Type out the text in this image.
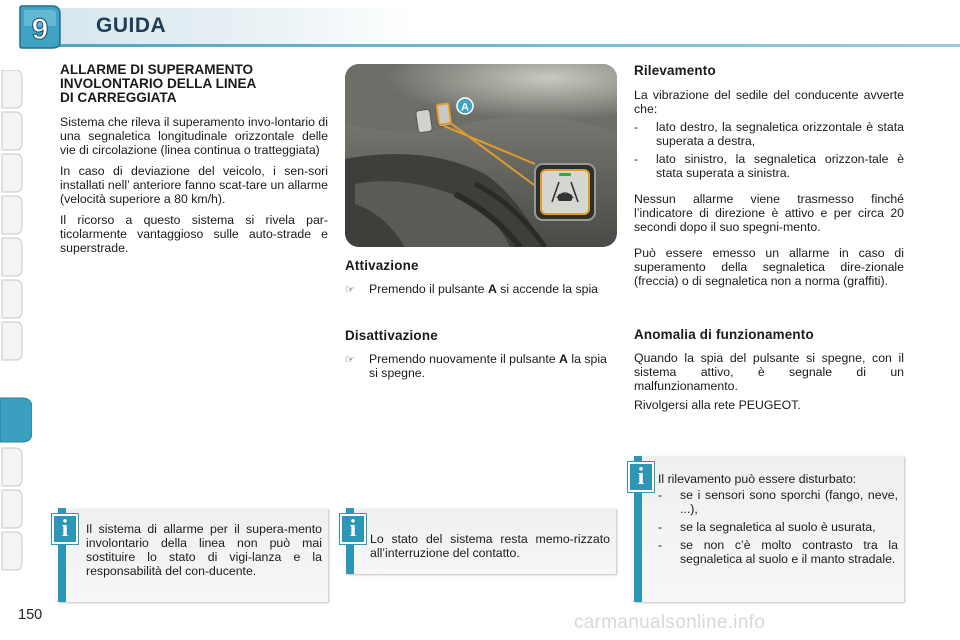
9 GUIDA
ALLARME DI SUPERAMENTO
INVOLONTARIO DELLA LINEA
DI CARREGGIATA

Sistema che rileva il superamento invo-lontario di una segnaletica longitudinale orizzontale delle vie di circolazione (linea continua o tratteggiata)

In caso di deviazione del veicolo, i sen-sori installati nell’ anteriore fanno scat-tare un allarme (velocità superiore a 80 km/h).

Il ricorso a questo sistema si rivela par-ticolarmente vantaggioso sulle auto-strade e superstrade.

A
Attivazione
☞	Premendo il pulsante A si accende la spia
Disattivazione
☞	Premendo nuovamente il pulsante A la spia si spegne.
Rilevamento

La vibrazione del sedile del conducente avverte che:

-	lato destro, la segnaletica orizzontale è stata superata a destra,
-	lato sinistro, la segnaletica orizzon-tale è stata superata a sinistra.

Nessun allarme viene trasmesso finché l’indicatore di direzione è attivo e per circa 20 secondi dopo il suo spegni-mento.

Può essere emesso un allarme in caso di superamento della segnaletica dire-zionale (freccia) o di segnaletica non a norma (graffiti).

Anomalia di funzionamento

Quando la spia del pulsante si spegne, con il sistema attivo, è segnale di un malfunzionamento.

Rivolgersi alla rete PEUGEOT.

Il sistema di allarme per il supera-mento involontario della linea non può mai sostituire lo stato di vigi-lanza e la responsabilità del con-ducente.

i	Lo stato del sistema resta memo-rizzato all’interruzione del contatto.

i

Il rilevamento può essere disturbato:

-	se i sensori sono sporchi (fango, neve, ...),
-	se la segnaletica al suolo è usurata,
-	se non c’è molto contrasto tra la segnaletica al suolo e il manto stradale.
i
150	carmanualsonline.info
